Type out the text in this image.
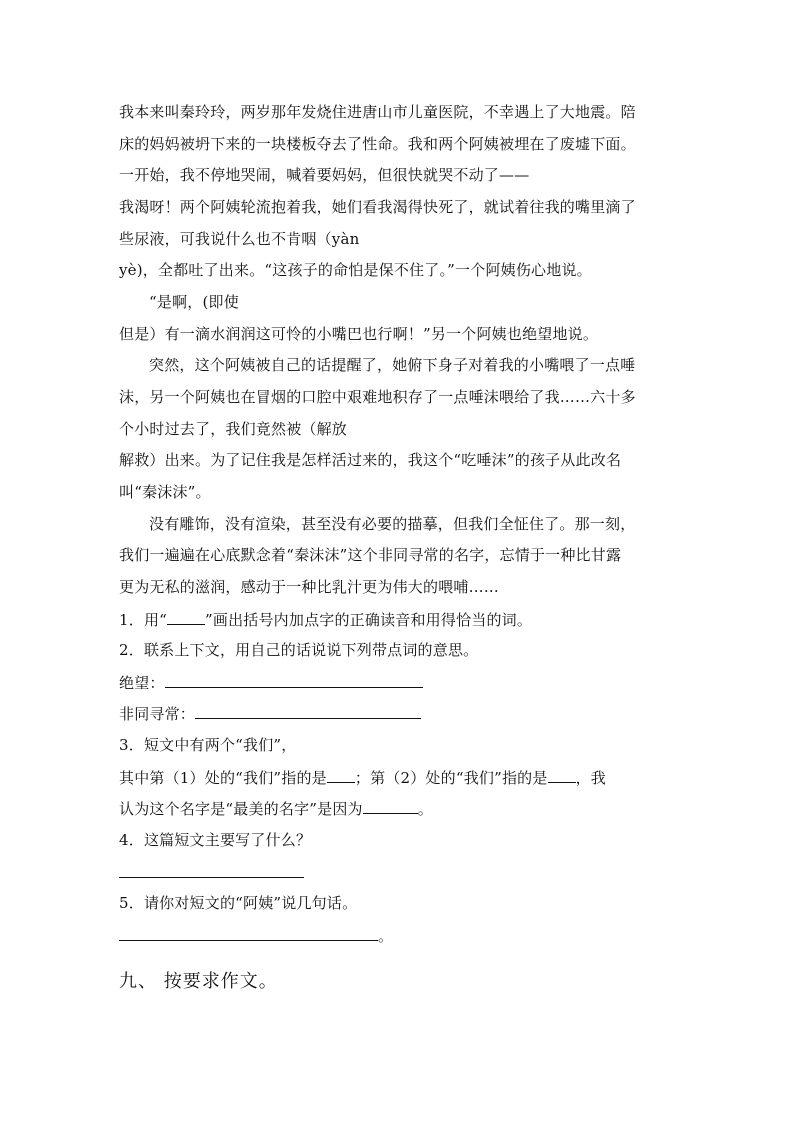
我本来叫秦玲玲，两岁那年发烧住进唐山市儿童医院，不幸遇上了大地震。陪
床的妈妈被坍下来的一块楼板夺去了性命。我和两个阿姨被埋在了废墟下面。
一开始，我不停地哭闹，喊着要妈妈，但很快就哭不动了——
我渴呀！两个阿姨轮流抱着我，她们看我渴得快死了，就试着往我的嘴里滴了
些尿液，可我说什么也不肯咽（yàn
yè)，全都吐了出来。“这孩子的命怕是保不住了。”一个阿姨伤心地说。
“是啊，(即使
但是）有一滴水润润这可怜的小嘴巴也行啊！”另一个阿姨也绝望地说。
突然，这个阿姨被自己的话提醒了，她俯下身子对着我的小嘴喂了一点唾
沫，另一个阿姨也在冒烟的口腔中艰难地积存了一点唾沫喂给了我……六十多
个小时过去了，我们竟然被（解放
解救）出来。为了记住我是怎样活过来的，我这个“吃唾沫”的孩子从此改名
叫“秦沫沫”。
没有雕饰，没有渲染，甚至没有必要的描摹，但我们全怔住了。那一刻，
我们一遍遍在心底默念着“秦沫沫”这个非同寻常的名字，忘情于一种比甘露
更为无私的滋润，感动于一种比乳汁更为伟大的喂哺……
1．用“	”画出括号内加点字的正确读音和用得恰当的词。
2．联系上下文，用自己的话说说下列带点词的意思。
绝望：
非同寻常：
3．短文中有两个“我们”，
其中第（1）处的“我们”指的是 ；第（2）处的“我们”指的是 ，我
认为这个名字是“最美的名字”是因为	。
4．这篇短文主要写了什么？
5．请你对短文的“阿姨”说几句话。
。
九、 按要求作文。
